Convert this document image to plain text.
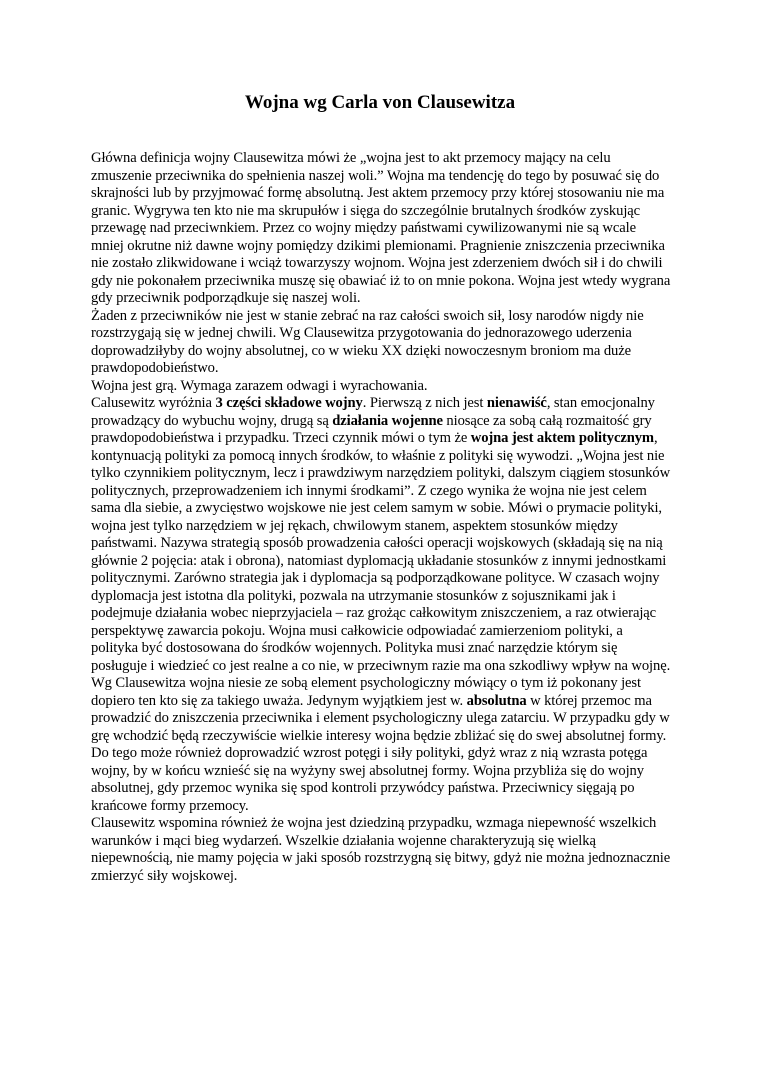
Wojna wg Carla von Clausewitza

Główna definicja wojny Clausewitza mówi że „wojna jest to akt przemocy mający na celu zmuszenie przeciwnika do spełnienia naszej woli.” Wojna ma tendencję do tego by posuwać się do skrajności lub by przyjmować formę absolutną. Jest aktem przemocy przy której stosowaniu nie ma granic. Wygrywa ten kto nie ma skrupułów i sięga do szczególnie brutalnych środków zyskując przewagę nad przeciwnkiem. Przez co wojny między państwami cywilizowanymi nie są wcale mniej okrutne niż dawne wojny pomiędzy dzikimi plemionami. Pragnienie zniszczenia przeciwnika nie zostało zlikwidowane i wciąż towarzyszy wojnom. Wojna jest zderzeniem dwóch sił i do chwili gdy nie pokonałem przeciwnika muszę się obawiać iż to on mnie pokona. Wojna jest wtedy wygrana gdy przeciwnik podporządkuje się naszej woli.

Żaden z przeciwników nie jest w stanie zebrać na raz całości swoich sił, losy narodów nigdy nie rozstrzygają się w jednej chwili. Wg Clausewitza przygotowania do jednorazowego uderzenia doprowadziłyby do wojny absolutnej, co w wieku XX dzięki nowoczesnym broniom ma duże prawdopodobieństwo.

Wojna jest grą. Wymaga zarazem odwagi i wyrachowania.

Calusewitz wyróżnia 3 części składowe wojny. Pierwszą z nich jest nienawiść, stan emocjonalny prowadzący do wybuchu wojny, drugą są działania wojenne niosące za sobą całą rozmaitość gry prawdopodobieństwa i przypadku. Trzeci czynnik mówi o tym że wojna jest aktem politycznym, kontynuacją polityki za pomocą innych środków, to właśnie z polityki się wywodzi. „Wojna jest nie tylko czynnikiem politycznym, lecz i prawdziwym narzędziem polityki, dalszym ciągiem stosunków politycznych, przeprowadzeniem ich innymi środkami”. Z czego wynika że wojna nie jest celem sama dla siebie, a zwycięstwo wojskowe nie jest celem samym w sobie. Mówi o prymacie polityki, wojna jest tylko narzędziem w jej rękach, chwilowym stanem, aspektem stosunków między państwami. Nazywa strategią sposób prowadzenia całości operacji wojskowych (składają się na nią głównie 2 pojęcia: atak i obrona), natomiast dyplomacją układanie stosunków z innymi jednostkami politycznymi. Zarówno strategia jak i dyplomacja są podporządkowane polityce. W czasach wojny dyplomacja jest istotna dla polityki, pozwala na utrzymanie stosunków z sojusznikami jak i podejmuje działania wobec nieprzyjaciela – raz grożąc całkowitym zniszczeniem, a raz otwierając perspektywę zawarcia pokoju. Wojna musi całkowicie odpowiadać zamierzeniom polityki, a polityka być dostosowana do środków wojennych. Polityka musi znać narzędzie którym się posługuje i wiedzieć co jest realne a co nie, w przeciwnym razie ma ona szkodliwy wpływ na wojnę.

Wg Clausewitza wojna niesie ze sobą element psychologiczny mówiący o tym iż pokonany jest dopiero ten kto się za takiego uważa. Jedynym wyjątkiem jest w. absolutna w której przemoc ma prowadzić do zniszczenia przeciwnika i element psychologiczny ulega zatarciu. W przypadku gdy w grę wchodzić będą rzeczywiście wielkie interesy wojna będzie zbliżać się do swej absolutnej formy. Do tego może również doprowadzić wzrost potęgi i siły polityki, gdyż wraz z nią wzrasta potęga wojny, by w końcu wznieść się na wyżyny swej absolutnej formy. Wojna przybliża się do wojny absolutnej, gdy przemoc wynika się spod kontroli przywódcy państwa. Przeciwnicy sięgają po krańcowe formy przemocy.

Clausewitz wspomina również że wojna jest dziedziną przypadku, wzmaga niepewność wszelkich warunków i mąci bieg wydarzeń. Wszelkie działania wojenne charakteryzują się wielką niepewnością, nie mamy pojęcia w jaki sposób rozstrzygną się bitwy, gdyż nie można jednoznacznie zmierzyć siły wojskowej.
